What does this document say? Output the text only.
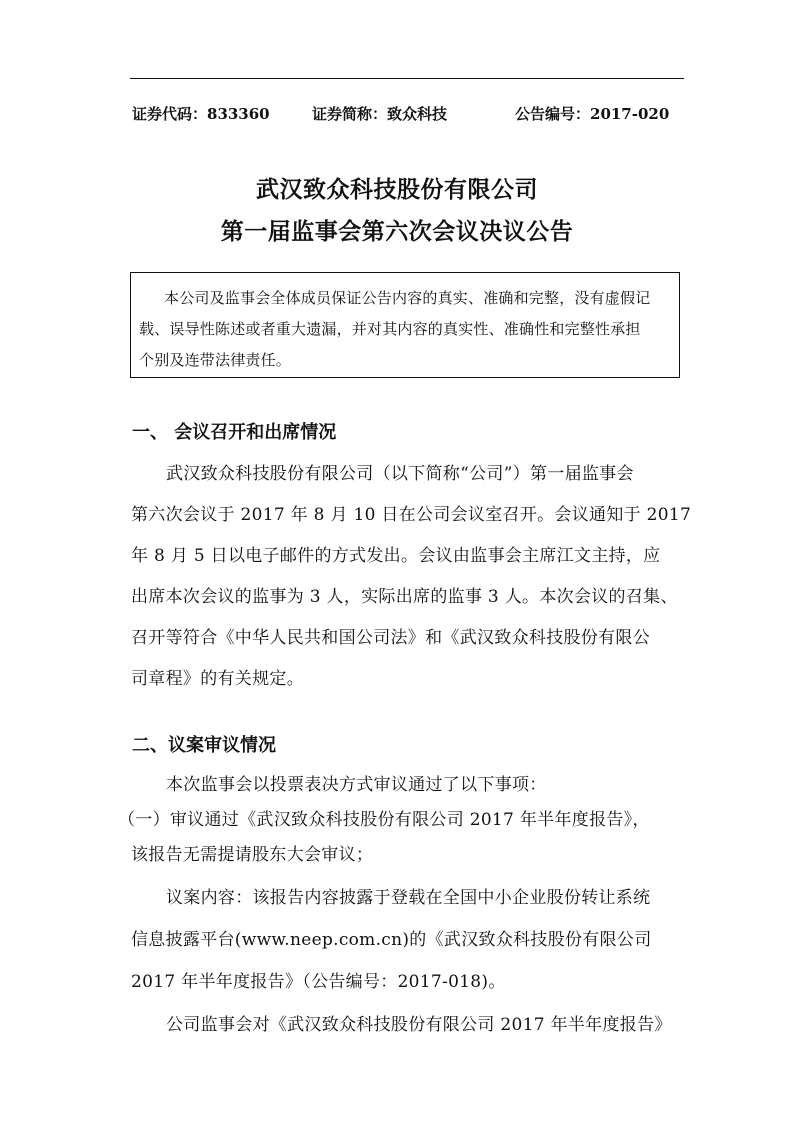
证券代码：833360	证券简称：致众科技	公告编号：2017-020
武汉致众科技股份有限公司
第一届监事会第六次会议决议公告
本公司及监事会全体成员保证公告内容的真实、准确和完整，没有虚假记
载、误导性陈述或者重大遗漏，并对其内容的真实性、准确性和完整性承担
个别及连带法律责任。
一、 会议召开和出席情况
武汉致众科技股份有限公司（以下简称“公司”）第一届监事会
第六次会议于 2017 年 8 月 10 日在公司会议室召开。会议通知于 2017
年 8 月 5 日以电子邮件的方式发出。会议由监事会主席江文主持，应
出席本次会议的监事为 3 人，实际出席的监事 3 人。本次会议的召集、
召开等符合《中华人民共和国公司法》和《武汉致众科技股份有限公
司章程》的有关规定。
二、议案审议情况
本次监事会以投票表决方式审议通过了以下事项：
（一）审议通过《武汉致众科技股份有限公司 2017 年半年度报告》，
该报告无需提请股东大会审议；
议案内容：该报告内容披露于登载在全国中小企业股份转让系统
信息披露平台(www.neep.com.cn)的《武汉致众科技股份有限公司
2017 年半年度报告》（公告编号：2017-018)。
公司监事会对《武汉致众科技股份有限公司 2017 年半年度报告》
